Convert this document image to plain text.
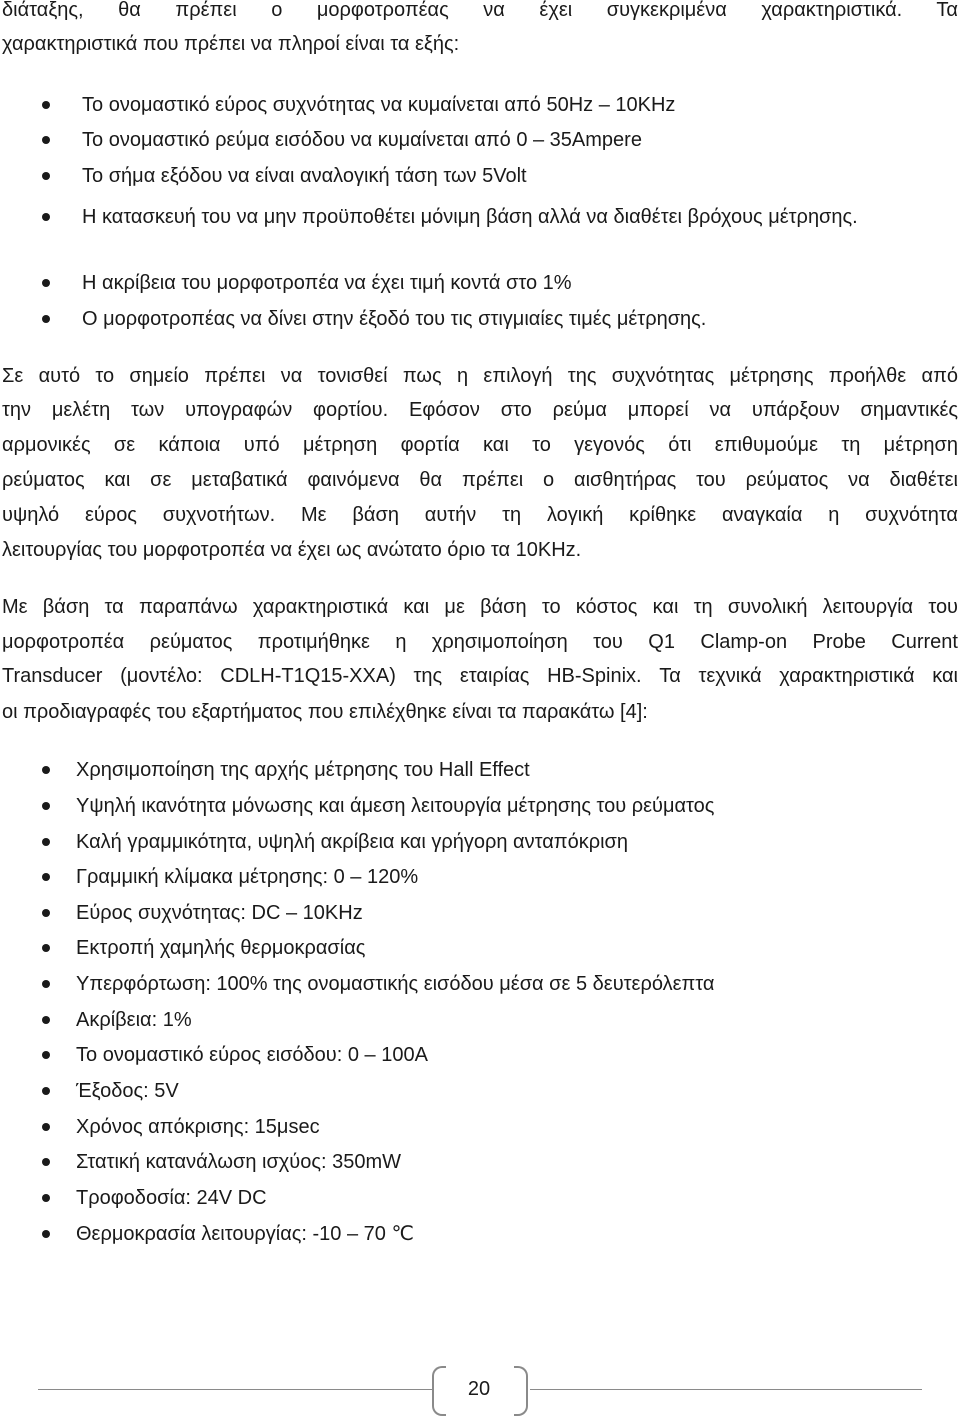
διάταξης, θα πρέπει ο μορφοτροπέας να έχει συγκεκριμένα χαρακτηριστικά. Τα
χαρακτηριστικά που πρέπει να πληροί είναι τα εξής:
Το ονομαστικό εύρος συχνότητας να κυμαίνεται από 50Hz – 10KHz
Το ονομαστικό ρεύμα εισόδου να κυμαίνεται από 0 – 35Ampere
Το σήμα εξόδου να είναι αναλογική τάση των 5Volt
Η κατασκευή του να μην προϋποθέτει μόνιμη βάση αλλά να διαθέτει βρόχους μέτρησης.
Η ακρίβεια του μορφοτροπέα να έχει τιμή κοντά στο 1%
Ο μορφοτροπέας να δίνει στην έξοδό του τις στιγμιαίες τιμές μέτρησης.
Σε αυτό το σημείο πρέπει να τονισθεί πως η επιλογή της συχνότητας μέτρησης προήλθε από
την μελέτη των υπογραφών φορτίου. Εφόσον στο ρεύμα μπορεί να υπάρξουν σημαντικές
αρμονικές σε κάποια υπό μέτρηση φορτία και το γεγονός ότι επιθυμούμε τη μέτρηση
ρεύματος και σε μεταβατικά φαινόμενα θα πρέπει ο αισθητήρας του ρεύματος να διαθέτει
υψηλό εύρος συχνοτήτων. Με βάση αυτήν τη λογική κρίθηκε αναγκαία η συχνότητα
λειτουργίας του μορφοτροπέα να έχει ως ανώτατο όριο τα 10KHz.
Με βάση τα παραπάνω χαρακτηριστικά και με βάση το κόστος και τη συνολική λειτουργία του
μορφοτροπέα ρεύματος προτιμήθηκε η χρησιμοποίηση του Q1 Clamp-on Probe Current
Transducer (μοντέλο: CDLH-T1Q15-XXA) της εταιρίας HB-Spinix. Τα τεχνικά χαρακτηριστικά και
οι προδιαγραφές του εξαρτήματος που επιλέχθηκε είναι τα παρακάτω [4]:
Χρησιμοποίηση της αρχής μέτρησης του Hall Effect
Υψηλή ικανότητα μόνωσης και άμεση λειτουργία μέτρησης του ρεύματος
Καλή γραμμικότητα, υψηλή ακρίβεια και γρήγορη ανταπόκριση
Γραμμική κλίμακα μέτρησης: 0 – 120%
Εύρος συχνότητας: DC – 10KHz
Εκτροπή χαμηλής θερμοκρασίας
Υπερφόρτωση: 100% της ονομαστικής εισόδου μέσα σε 5 δευτερόλεπτα
Ακρίβεια: 1%
Το ονομαστικό εύρος εισόδου: 0 – 100A
Έξοδος: 5V
Χρόνος απόκρισης: 15μsec
Στατική κατανάλωση ισχύος: 350mW
Τροφοδοσία: 24V DC
Θερμοκρασία λειτουργίας: -10 – 70 ℃
20
